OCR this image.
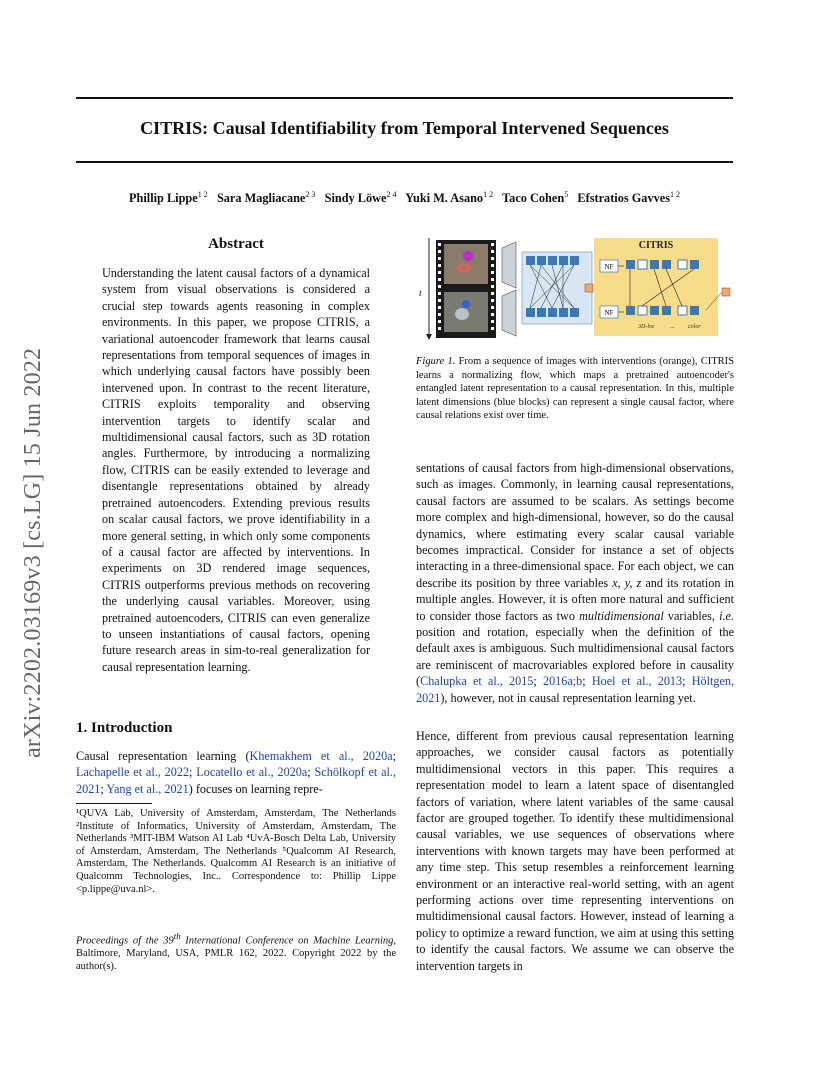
CITRIS: Causal Identifiability from Temporal Intervened Sequences
Phillip Lippe$^{1 2}$ Sara Magliacane$^{2 3}$ Sindy Löwe$^{2 4}$ Yuki M. Asano$^{1 2}$ Taco Cohen$^5$ Efstratios Gavves$^{1 2}$
arXiv:2202.03169v3 [cs.LG] 15 Jun 2022
Abstract
Understanding the latent causal factors of a dynamical system from visual observations is considered a crucial step towards agents reasoning in complex environments. In this paper, we propose CITRIS, a variational autoencoder framework that learns causal representations from temporal sequences of images in which underlying causal factors have possibly been intervened upon. In contrast to the recent literature, CITRIS exploits temporality and observing intervention targets to identify scalar and multidimensional causal factors, such as 3D rotation angles. Furthermore, by introducing a normalizing flow, CITRIS can be easily extended to leverage and disentangle representations obtained by already pretrained autoencoders. Extending previous results on scalar causal factors, we prove identifiability in a more general setting, in which only some components of a causal factor are affected by interventions. In experiments on 3D rendered image sequences, CITRIS outperforms previous methods on recovering the underlying causal variables. Moreover, using pretrained autoencoders, CITRIS can even generalize to unseen instantiations of causal factors, opening future research areas in sim-to-real generalization for causal representation learning.
1. Introduction
Causal representation learning (Khemakhem et al., 2020a; Lachapelle et al., 2022; Locatello et al., 2020a; Schölkopf et al., 2021; Yang et al., 2021) focuses on learning repre-
¹QUVA Lab, University of Amsterdam, Amsterdam, The Netherlands ²Institute of Informatics, University of Amsterdam, Amsterdam, The Netherlands ³MIT-IBM Watson AI Lab ⁴UvA-Bosch Delta Lab, University of Amsterdam, Amsterdam, The Netherlands ⁵Qualcomm AI Research, Amsterdam, The Netherlands. Qualcomm AI Research is an initiative of Qualcomm Technologies, Inc.. Correspondence to: Phillip Lippe <p.lippe@uva.nl>.
Proceedings of the 39th International Conference on Machine Learning, Baltimore, Maryland, USA, PMLR 162, 2022. Copyright 2022 by the author(s).
t
CITRIS
NF
NF
3D-loc	... color
Figure 1. From a sequence of images with interventions (orange), CITRIS learns a normalizing flow, which maps a pretrained autoencoder's entangled latent representation to a causal representation. In this, multiple latent dimensions (blue blocks) can represent a single causal factor, where causal relations exist over time.
sentations of causal factors from high-dimensional observations, such as images. Commonly, in learning causal representations, causal factors are assumed to be scalars. As settings become more complex and high-dimensional, however, so do the causal dynamics, where estimating every scalar causal variable becomes impractical. Consider for instance a set of objects interacting in a three-dimensional space. For each object, we can describe its position by three variables x, y, z and its rotation in multiple angles. However, it is often more natural and sufficient to consider those factors as two multidimensional variables, i.e. position and rotation, especially when the definition of the default axes is ambiguous. Such multidimensional causal factors are reminiscent of macrovariables explored before in causality (Chalupka et al., 2015; 2016a;b; Hoel et al., 2013; Höltgen, 2021), however, not in causal representation learning yet.
Hence, different from previous causal representation learning approaches, we consider causal factors as potentially multidimensional vectors in this paper. This requires a representation model to learn a latent space of disentangled factors of variation, where latent variables of the same causal factor are grouped together. To identify these multidimensional causal variables, we use sequences of observations where interventions with known targets may have been performed at any time step. This setup resembles a reinforcement learning environment or an interactive real-world setting, with an agent performing actions over time representing interventions on multidimensional causal factors. However, instead of learning a policy to optimize a reward function, we aim at using this setting to identify the causal factors. We assume we can observe the intervention targets in
